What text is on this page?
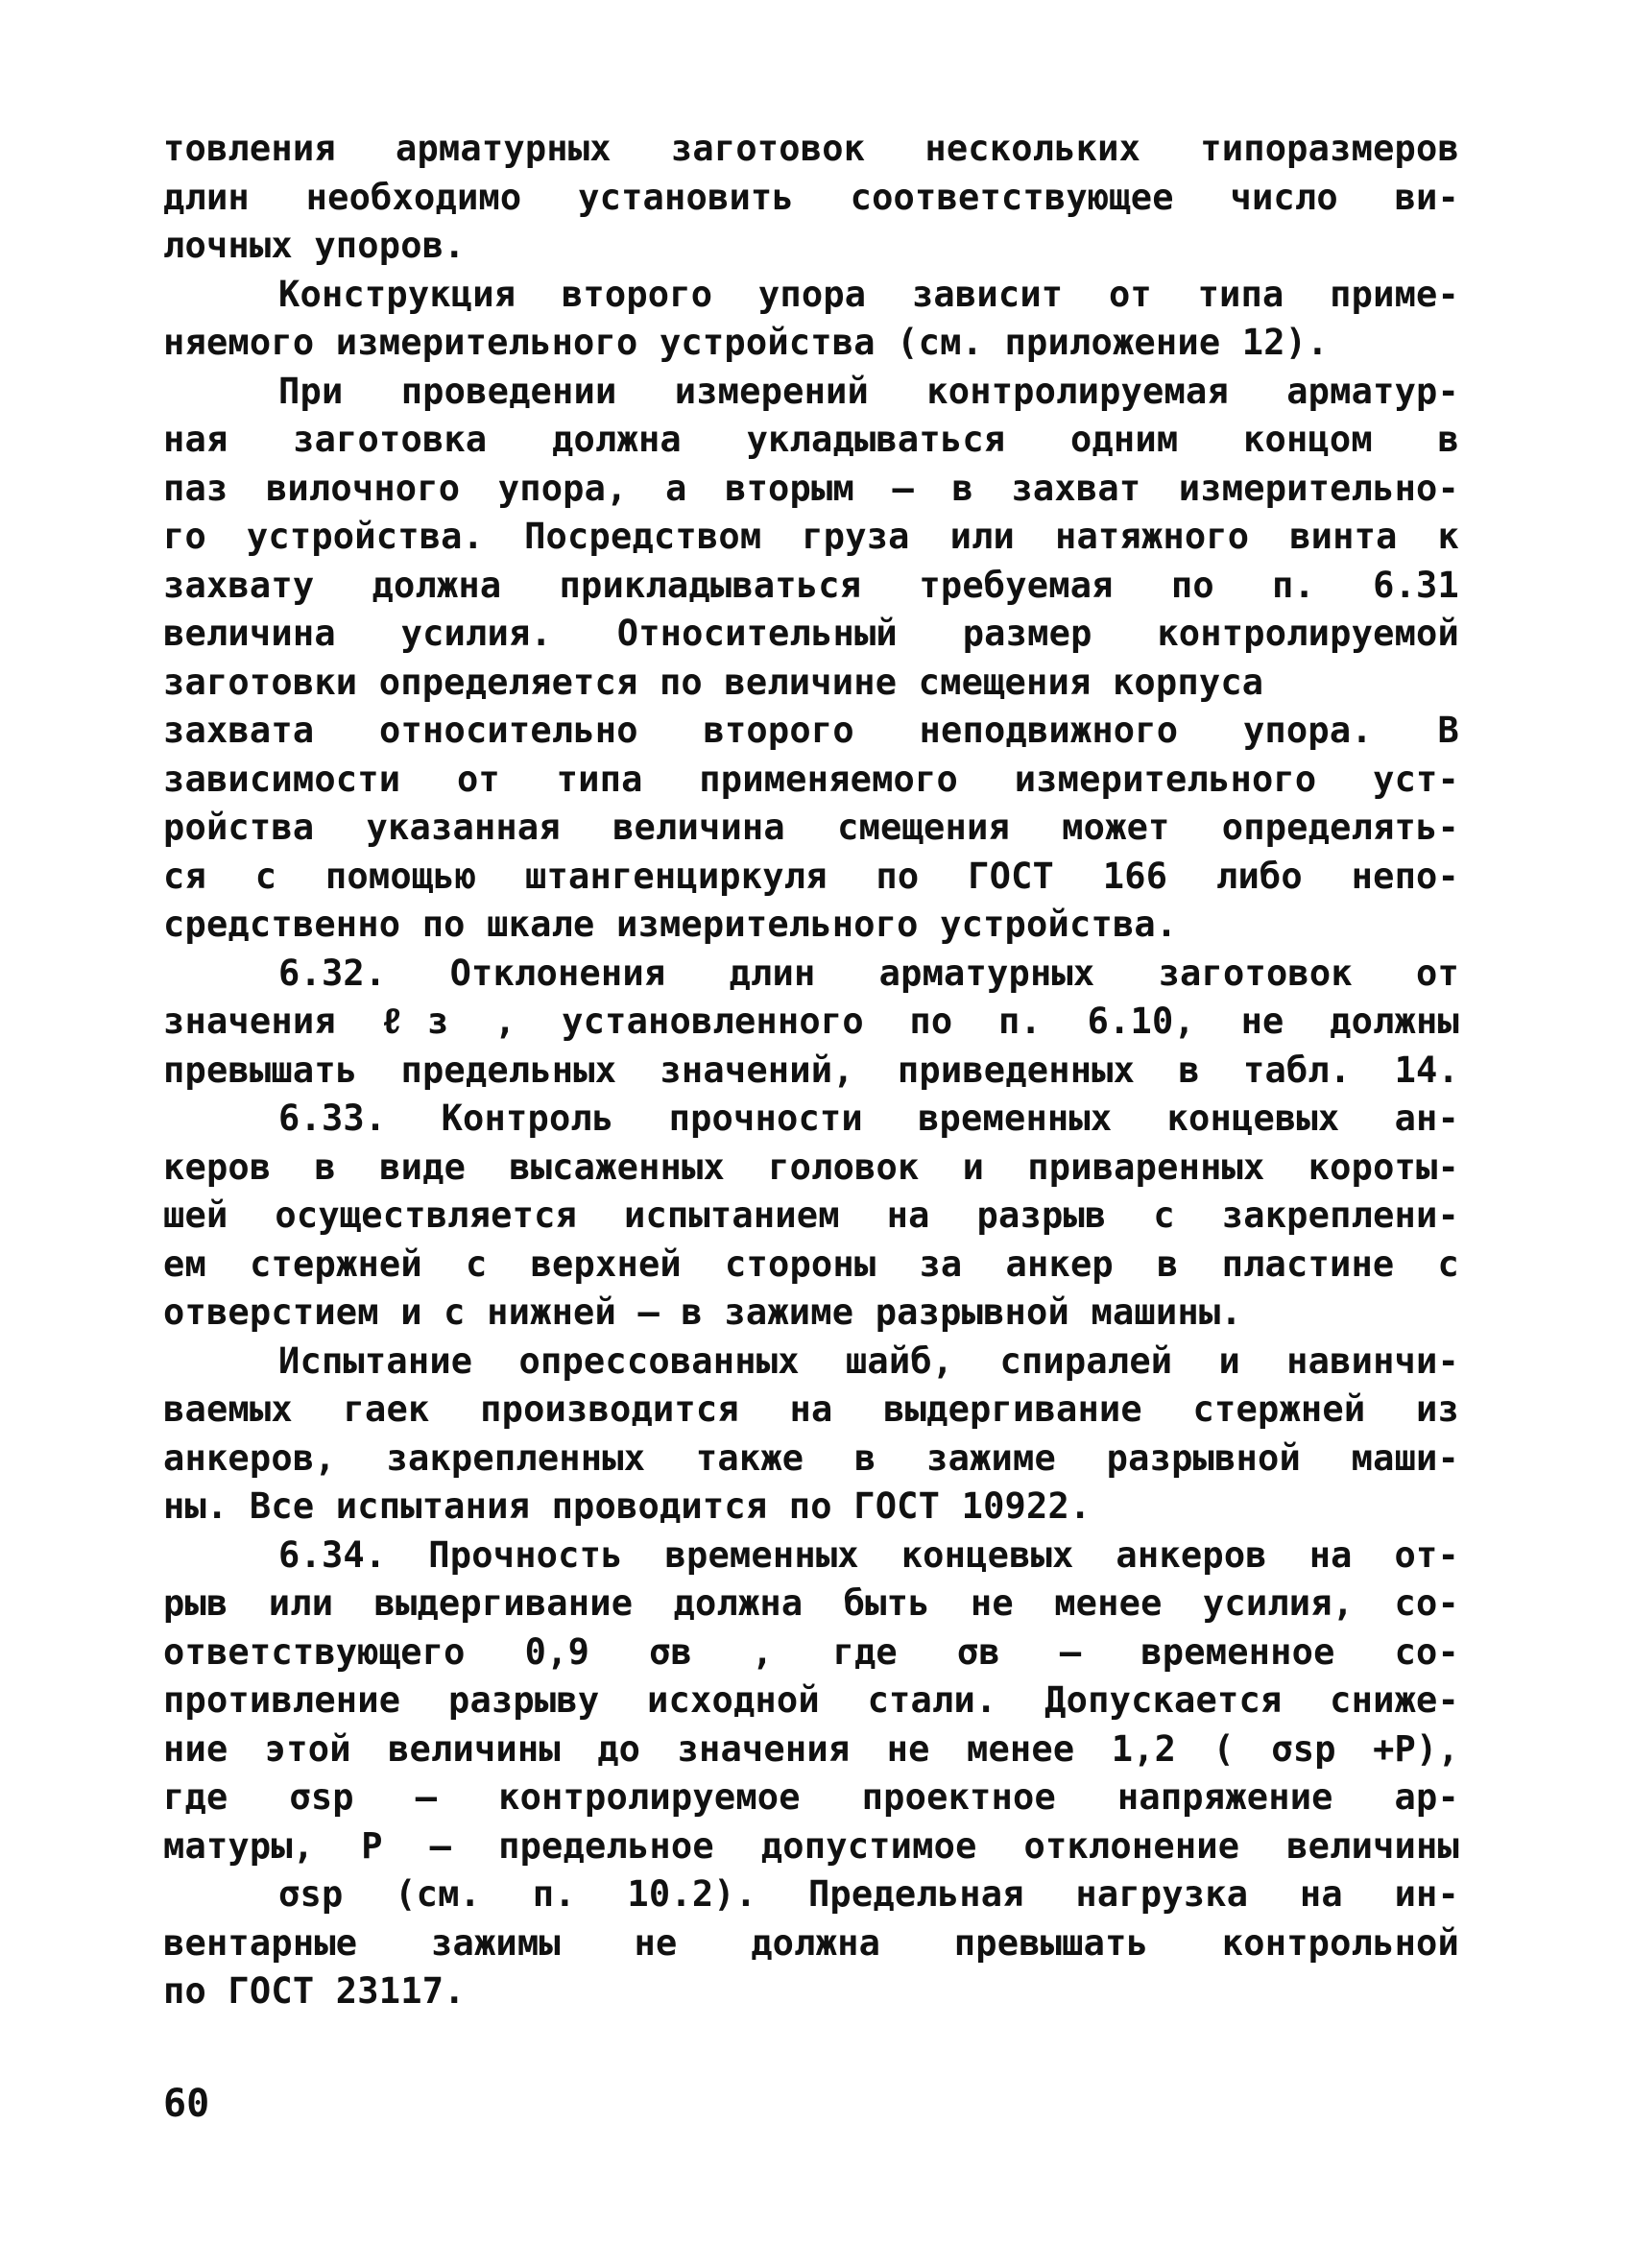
товления арматурных заготовок нескольких типоразмеров
длин необходимо установить соответствующее число ви-
лочных упоров.
Конструкция второго упора зависит от типа приме-
няемого измерительного устройства (см. приложение 12).
При проведении измерений контролируемая арматур-
ная заготовка должна укладываться одним концом в
паз вилочного упора, а вторым – в захват измерительно-
го устройства. Посредством груза или натяжного винта к
захвату должна прикладываться требуемая по п. 6.31
величина усилия. Относительный размер контролируемой
заготовки определяется по величине смещения корпуса
захвата относительно второго неподвижного упора. В
зависимости от типа применяемого измерительного уст-
ройства указанная величина смещения может определять-
ся с помощью штангенциркуля по ГОСТ 166 либо непо-
средственно по шкале измерительного устройства.
6.32. Отклонения длин арматурных заготовок от
значения ℓз , установленного по п. 6.10, не должны
превышать предельных значений, приведенных в табл. 14.
6.33. Контроль прочности временных концевых ан-
керов в виде высаженных головок и приваренных короты-
шей осуществляется испытанием на разрыв с закреплени-
ем стержней с верхней стороны за анкер в пластине с
отверстием и с нижней – в зажиме разрывной машины.
Испытание опрессованных шайб, спиралей и навинчи-
ваемых гаек производится на выдергивание стержней из
анкеров, закрепленных также в зажиме разрывной маши-
ны. Все испытания проводится по ГОСТ 10922.
6.34. Прочность временных концевых анкеров на от-
рыв или выдергивание должна быть не менее усилия, со-
ответствующего 0,9 σв , где σв – временное со-
противление разрыву исходной стали. Допускается сниже-
ние этой величины до значения не менее 1,2 ( σsp +P),
где σsp – контролируемое проектное напряжение ар-
матуры, P – предельное допустимое отклонение величины
σsp (см. п. 10.2). Предельная нагрузка на ин-
вентарные зажимы не должна превышать контрольной
по ГОСТ 23117.
60
